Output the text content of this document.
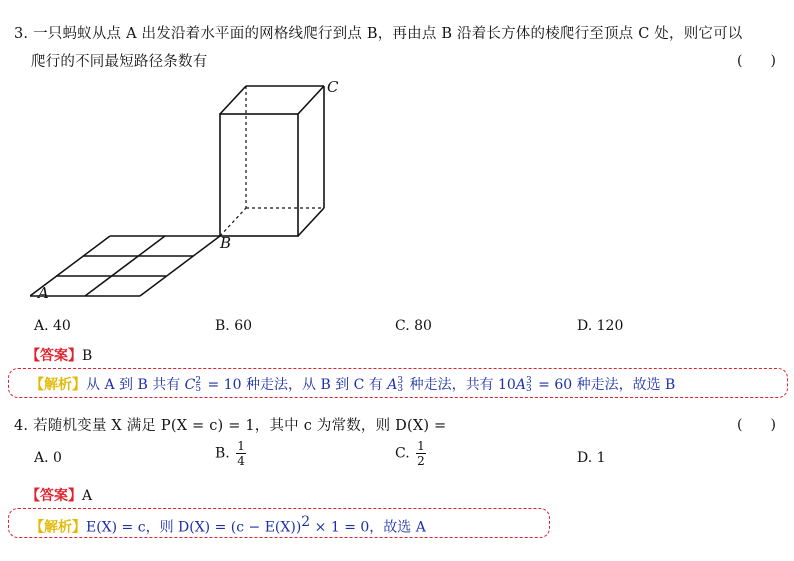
3. 一只蚂蚁从点 A 出发沿着水平面的网格线爬行到点 B，再由点 B 沿着长方体的棱爬行至顶点 C 处，则它可以
爬行的不同最短路径条数有	(　　)
A
B
C
A. 40	B. 60	C. 80	D. 120
【答案】B
【解析】从 A 到 B 共有 C 2
5 = 10 种走法，从 B 到 C 有 A 3
3 种走法，共有 10A 3
3 = 60 种走法，故选 B
4. 若随机变量 X 满足 P(X = c) = 1，其中 c 为常数，则 D(X) =	(　　)
A. 0	B. $\frac{1}{4}$	C. $\frac{1}{2}$	D. 1
【答案】A
【解析】E(X) = c，则 $D(X) = (c - E(X))^2 \times 1 = 0$，故选 A
